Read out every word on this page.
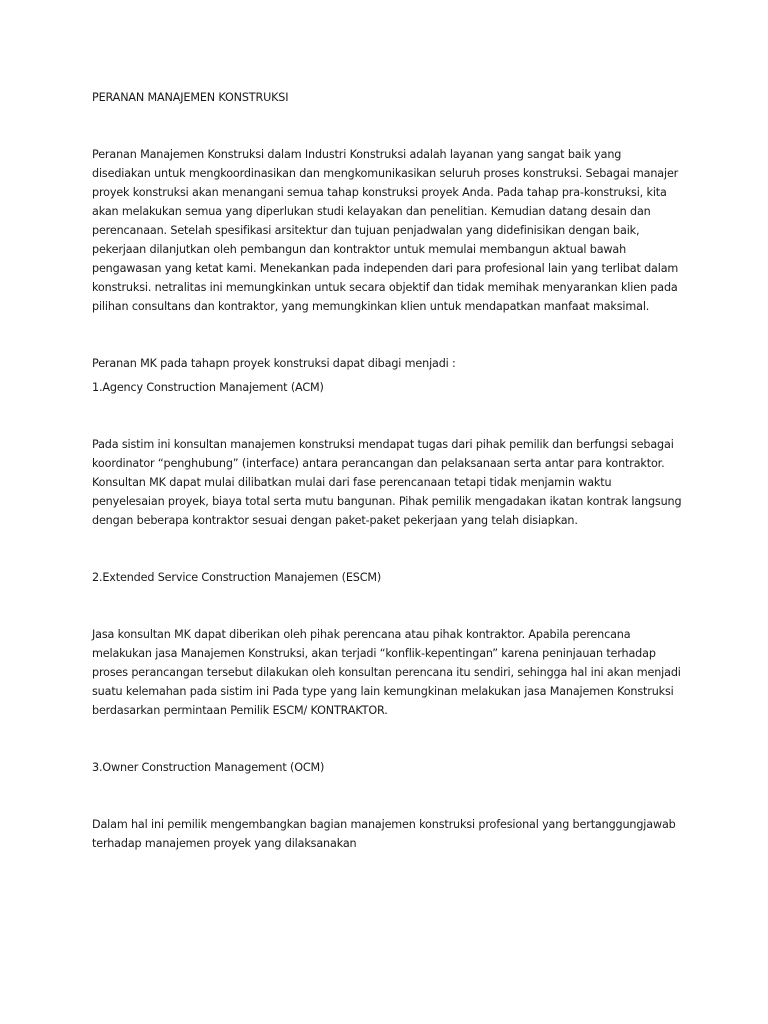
PERANAN MANAJEMEN KONSTRUKSI

Peranan Manajemen Konstruksi dalam Industri Konstruksi adalah layanan yang sangat baik yang disediakan untuk mengkoordinasikan dan mengkomunikasikan seluruh proses konstruksi. Sebagai manajer proyek konstruksi akan menangani semua tahap konstruksi proyek Anda. Pada tahap pra-konstruksi, kita akan melakukan semua yang diperlukan studi kelayakan dan penelitian. Kemudian datang desain dan perencanaan. Setelah spesifikasi arsitektur dan tujuan penjadwalan yang didefinisikan dengan baik, pekerjaan dilanjutkan oleh pembangun dan kontraktor untuk memulai membangun aktual bawah pengawasan yang ketat kami. Menekankan pada independen dari para profesional lain yang terlibat dalam konstruksi. netralitas ini memungkinkan untuk secara objektif dan tidak memihak menyarankan klien pada pilihan consultans dan kontraktor, yang memungkinkan klien untuk mendapatkan manfaat maksimal.

Peranan MK pada tahapn proyek konstruksi dapat dibagi menjadi :

1.Agency Construction Manajement (ACM)

Pada sistim ini konsultan manajemen konstruksi mendapat tugas dari pihak pemilik dan berfungsi sebagai koordinator “penghubung” (interface) antara perancangan dan pelaksanaan serta antar para kontraktor. Konsultan MK dapat mulai dilibatkan mulai dari fase perencanaan tetapi tidak menjamin waktu penyelesaian proyek, biaya total serta mutu bangunan. Pihak pemilik mengadakan ikatan kontrak langsung dengan beberapa kontraktor sesuai dengan paket-paket pekerjaan yang telah disiapkan.

2.Extended Service Construction Manajemen (ESCM)

Jasa konsultan MK dapat diberikan oleh pihak perencana atau pihak kontraktor. Apabila perencana melakukan jasa Manajemen Konstruksi, akan terjadi “konflik-kepentingan” karena peninjauan terhadap proses perancangan tersebut dilakukan oleh konsultan perencana itu sendiri, sehingga hal ini akan menjadi suatu kelemahan pada sistim ini Pada type yang lain kemungkinan melakukan jasa Manajemen Konstruksi berdasarkan permintaan Pemilik ESCM/ KONTRAKTOR.

3.Owner Construction Management (OCM)

Dalam hal ini pemilik mengembangkan bagian manajemen konstruksi profesional yang bertanggungjawab terhadap manajemen proyek yang dilaksanakan
